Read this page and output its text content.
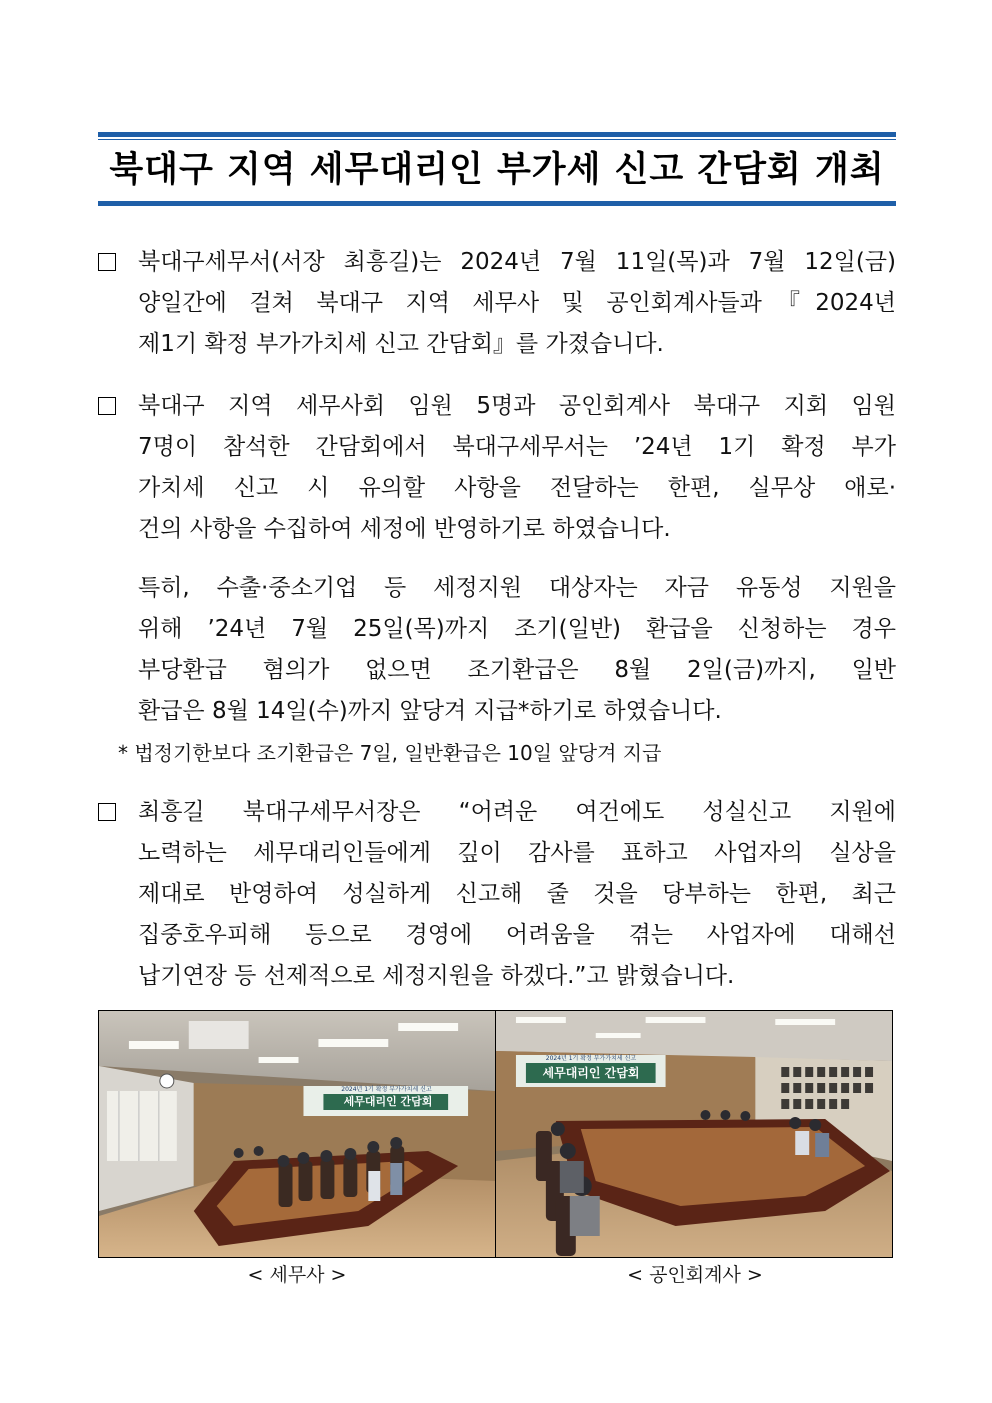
북대구 지역 세무대리인 부가세 신고 간담회 개최
북대구세무서(서장 최흥길)는 2024년 7월 11일(목)과 7월 12일(금)
양일간에 걸쳐 북대구 지역 세무사 및 공인회계사들과『2024년
제1기 확정 부가가치세 신고 간담회』를 가졌습니다.
북대구 지역 세무사회 임원 5명과 공인회계사 북대구 지회 임원
7명이 참석한 간담회에서 북대구세무서는 ’24년 1기 확정 부가
가치세 신고 시 유의할 사항을 전달하는 한편, 실무상 애로·
건의 사항을 수집하여 세정에 반영하기로 하였습니다.
특히, 수출·중소기업 등 세정지원 대상자는 자금 유동성 지원을
위해 ’24년 7월 25일(목)까지 조기(일반) 환급을 신청하는 경우
부당환급 혐의가 없으면 조기환급은 8월 2일(금)까지, 일반
환급은 8월 14일(수)까지 앞당겨 지급*하기로 하였습니다.
* 법정기한보다 조기환급은 7일, 일반환급은 10일 앞당겨 지급
최흥길 북대구세무서장은 “어려운 여건에도 성실신고 지원에
노력하는 세무대리인들에게 깊이 감사를 표하고 사업자의 실상을
제대로 반영하여 성실하게 신고해 줄 것을 당부하는 한편, 최근
집중호우피해 등으로 경영에 어려움을 겪는 사업자에 대해선
납기연장 등 선제적으로 세정지원을 하겠다.”고 밝혔습니다.
2024년 1기 확정 부가가치세 신고
세무대리인 간담회
2024년 1기 확정 부가가치세 신고
세무대리인 간담회
< 세무사 >	< 공인회계사 >
